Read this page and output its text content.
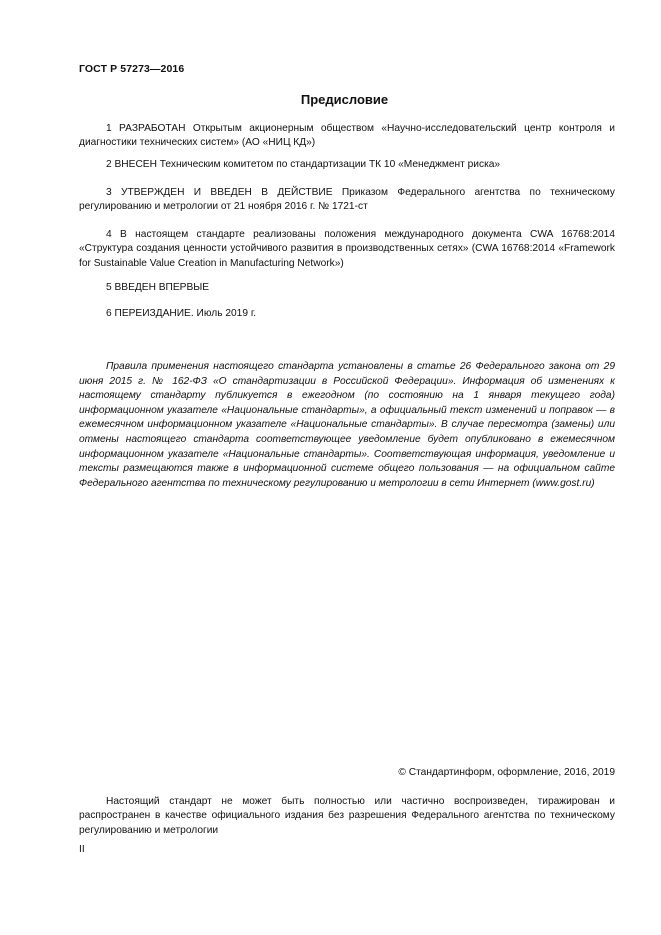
ГОСТ Р 57273—2016
Предисловие

1 РАЗРАБОТАН Открытым акционерным обществом «Научно-исследовательский центр контроля и диагностики технических систем» (АО «НИЦ КД»)

2 ВНЕСЕН Техническим комитетом по стандартизации ТК 10 «Менеджмент риска»

3 УТВЕРЖДЕН И ВВЕДЕН В ДЕЙСТВИЕ Приказом Федерального агентства по техническому регулированию и метрологии от 21 ноября 2016 г. № 1721-ст

4 В настоящем стандарте реализованы положения международного документа CWA 16768:2014 «Структура создания ценности устойчивого развития в производственных сетях» (CWA 16768:2014 «Framework for Sustainable Value Creation in Manufacturing Network»)

5 ВВЕДЕН ВПЕРВЫЕ

6 ПЕРЕИЗДАНИЕ. Июль 2019 г.

Правила применения настоящего стандарта установлены в статье 26 Федерального закона от 29 июня 2015 г. № 162-ФЗ «О стандартизации в Российской Федерации». Информация об изменениях к настоящему стандарту публикуется в ежегодном (по состоянию на 1 января текущего года) информационном указателе «Национальные стандарты», а официальный текст изменений и поправок — в ежемесячном информационном указателе «Национальные стандарты». В случае пересмотра (замены) или отмены настоящего стандарта соответствующее уведомление будет опубликовано в ежемесячном информационном указателе «Национальные стандарты». Соответствующая информация, уведомление и тексты размещаются также в информационной системе общего пользования — на официальном сайте Федерального агентства по техническому регулированию и метрологии в сети Интернет (www.gost.ru)

© Стандартинформ, оформление, 2016, 2019

Настоящий стандарт не может быть полностью или частично воспроизведен, тиражирован и распространен в качестве официального издания без разрешения Федерального агентства по техническому регулированию и метрологии

II
